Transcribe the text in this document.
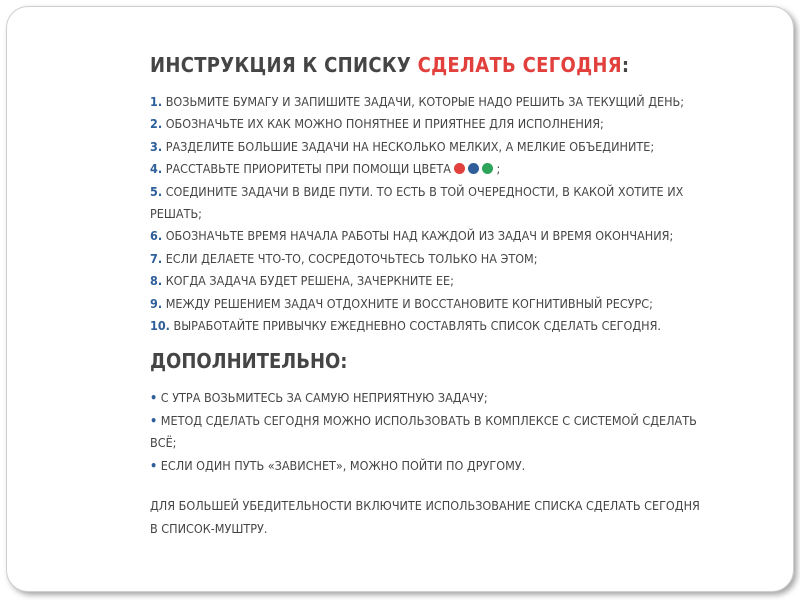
ИНСТРУКЦИЯ К СПИСКУ СДЕЛАТЬ СЕГОДНЯ:
1. ВОЗЬМИТЕ БУМАГУ И ЗАПИШИТЕ ЗАДАЧИ, КОТОРЫЕ НАДО РЕШИТЬ ЗА ТЕКУЩИЙ ДЕНЬ;
2. ОБОЗНАЧЬТЕ ИХ КАК МОЖНО ПОНЯТНЕЕ И ПРИЯТНЕЕ ДЛЯ ИСПОЛНЕНИЯ;
3. РАЗДЕЛИТЕ БОЛЬШИЕ ЗАДАЧИ НА НЕСКОЛЬКО МЕЛКИХ, А МЕЛКИЕ ОБЪЕДИНИТЕ;
4. РАССТАВЬТЕ ПРИОРИТЕТЫ ПРИ ПОМОЩИ ЦВЕТА	;
5. СОЕДИНИТЕ ЗАДАЧИ В ВИДЕ ПУТИ. ТО ЕСТЬ В ТОЙ ОЧЕРЕДНОСТИ, В КАКОЙ ХОТИТЕ ИХ РЕШАТЬ;
6. ОБОЗНАЧЬТЕ ВРЕМЯ НАЧАЛА РАБОТЫ НАД КАЖДОЙ ИЗ ЗАДАЧ И ВРЕМЯ ОКОНЧАНИЯ;
7. ЕСЛИ ДЕЛАЕТЕ ЧТО-ТО, СОСРЕДОТОЧЬТЕСЬ ТОЛЬКО НА ЭТОМ;
8. КОГДА ЗАДАЧА БУДЕТ РЕШЕНА, ЗАЧЕРКНИТЕ ЕЕ;
9. МЕЖДУ РЕШЕНИЕМ ЗАДАЧ ОТДОХНИТЕ И ВОССТАНОВИТЕ КОГНИТИВНЫЙ РЕСУРС;
10. ВЫРАБОТАЙТЕ ПРИВЫЧКУ ЕЖЕДНЕВНО СОСТАВЛЯТЬ СПИСОК СДЕЛАТЬ СЕГОДНЯ.
ДОПОЛНИТЕЛЬНО:
• С УТРА ВОЗЬМИТЕСЬ ЗА САМУЮ НЕПРИЯТНУЮ ЗАДАЧУ;
• МЕТОД СДЕЛАТЬ СЕГОДНЯ МОЖНО ИСПОЛЬЗОВАТЬ В КОМПЛЕКСЕ С СИСТЕМОЙ СДЕЛАТЬ ВСЁ;
• ЕСЛИ ОДИН ПУТЬ «ЗАВИСНЕТ», МОЖНО ПОЙТИ ПО ДРУГОМУ.
ДЛЯ БОЛЬШЕЙ УБЕДИТЕЛЬНОСТИ ВКЛЮЧИТЕ ИСПОЛЬЗОВАНИЕ СПИСКА СДЕЛАТЬ СЕГОДНЯ В СПИСОК-МУШТРУ.
